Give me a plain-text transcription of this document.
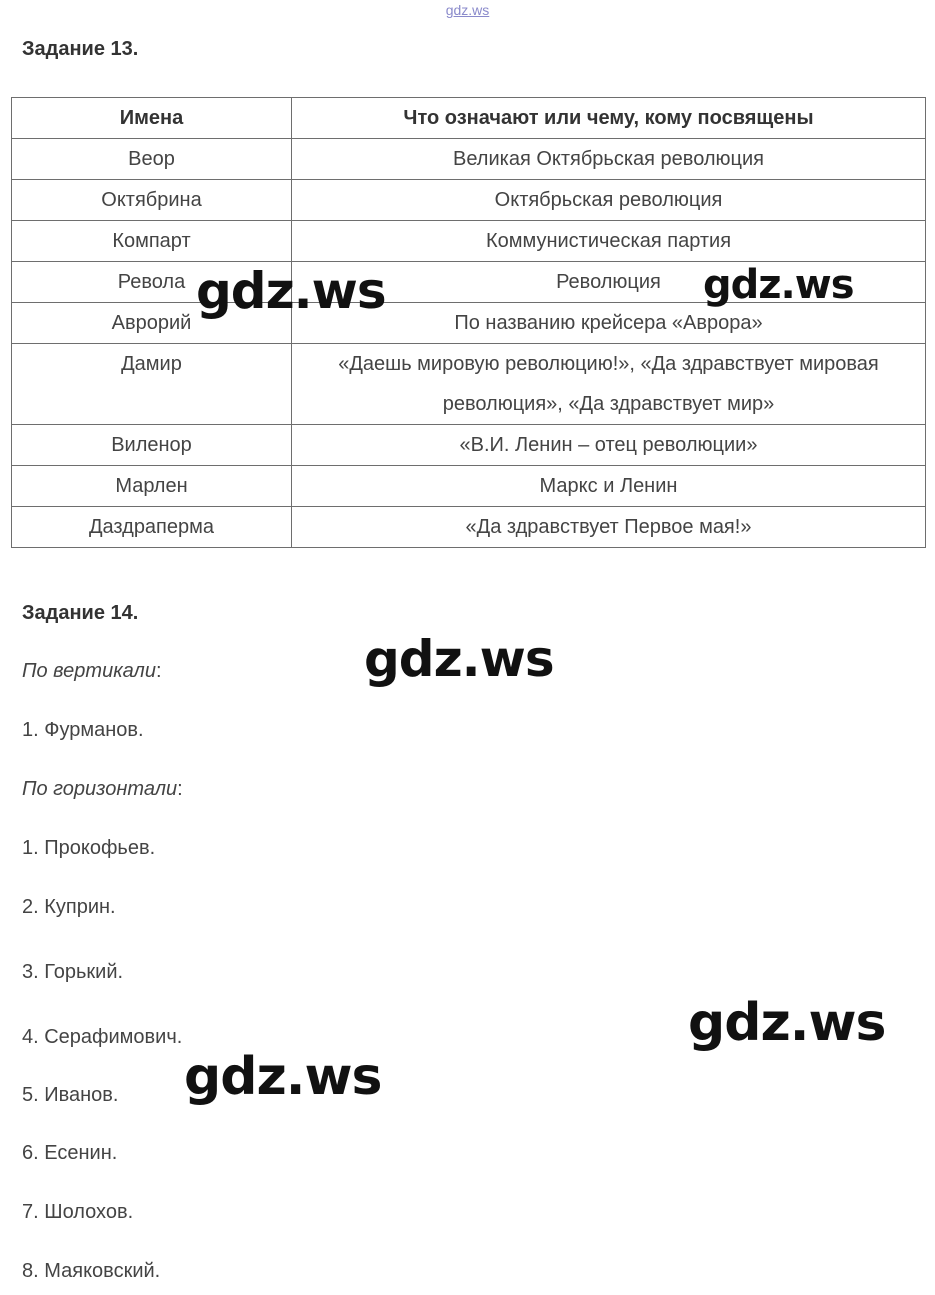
gdz.ws
Задание 13.
Имена	Что означают или чему, кому посвящены
Веор	Великая Октябрьская революция
Октябрина	Октябрьская революция
Компарт	Коммунистическая партия
Револа	Революция
Аврорий	По названию крейсера «Аврора»
Дамир	«Даешь мировую революцию!», «Да здравствует мировая революция», «Да здравствует мир»
Виленор	«В.И. Ленин – отец революции»
Марлен	Маркс и Ленин
Даздраперма	«Да здравствует Первое мая!»
Задание 14.
По вертикали:
1. Фурманов.
По горизонтали:
1. Прокофьев.
2. Куприн.
3. Горький.
4. Серафимович.
5. Иванов.
6. Есенин.
7. Шолохов.
8. Маяковский.
gdz.ws	gdz.ws
gdz.ws
gdz.ws
gdz.ws
